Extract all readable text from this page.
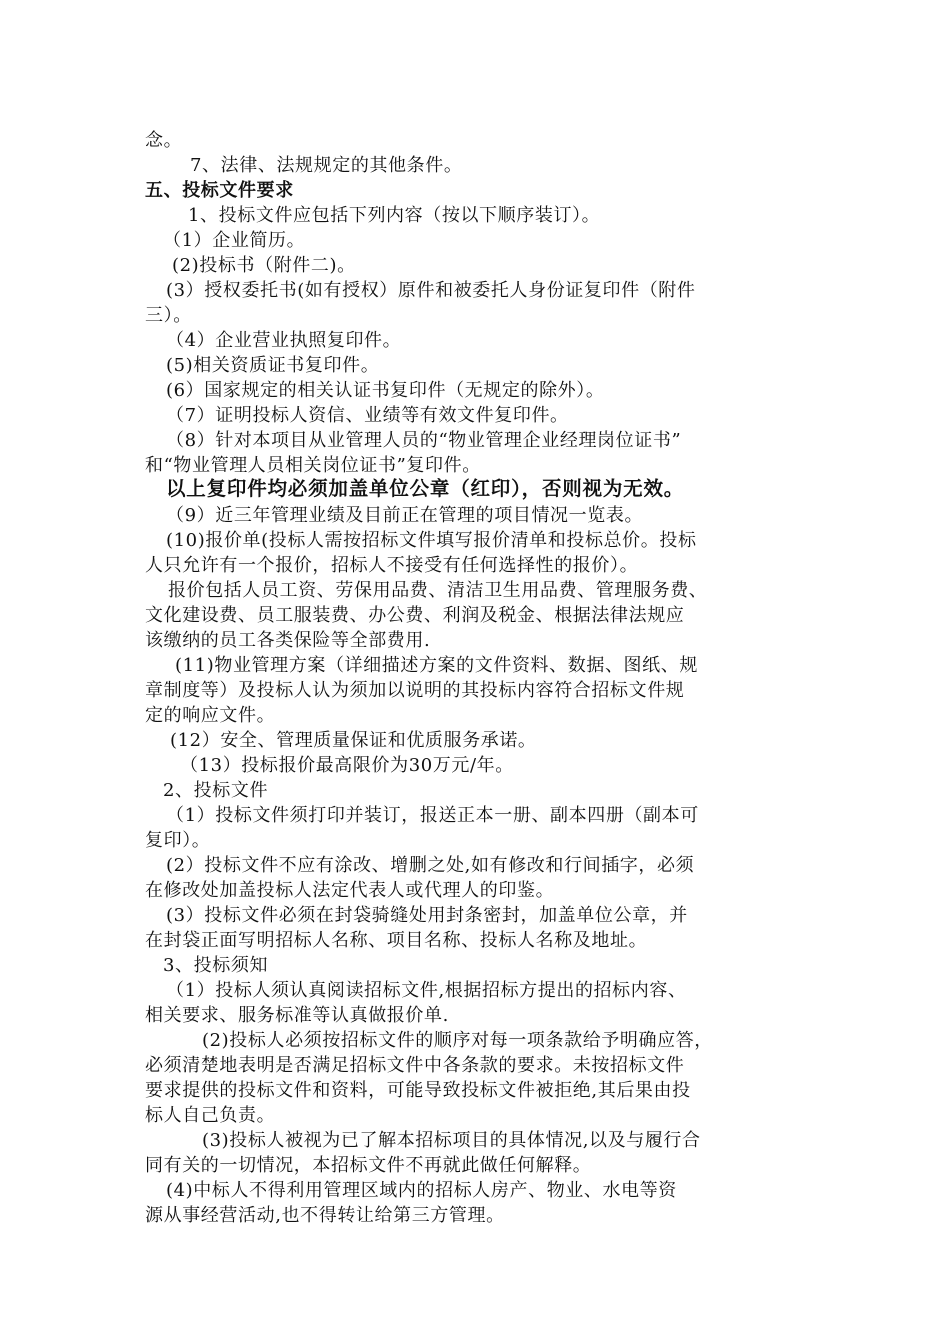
念。
7、法律、法规规定的其他条件。
五、投标文件要求
1、投标文件应包括下列内容（按以下顺序装订）。
（1）企业简历。
(2)投标书（附件二)。
(3）授权委托书(如有授权）原件和被委托人身份证复印件（附件
三）。
（4）企业营业执照复印件。
(5)相关资质证书复印件。
(6）国家规定的相关认证书复印件（无规定的除外）。
（7）证明投标人资信、业绩等有效文件复印件。
（8）针对本项目从业管理人员的“物业管理企业经理岗位证书”
和“物业管理人员相关岗位证书”复印件。
以上复印件均必须加盖单位公章（红印），否则视为无效。
（9）近三年管理业绩及目前正在管理的项目情况一览表。
(10)报价单(投标人需按招标文件填写报价清单和投标总价。投标
人只允许有一个报价，招标人不接受有任何选择性的报价）。
报价包括人员工资、劳保用品费、清洁卫生用品费、管理服务费、
文化建设费、员工服装费、办公费、利润及税金、根据法律法规应
该缴纳的员工各类保险等全部费用.
(11)物业管理方案（详细描述方案的文件资料、数据、图纸、规
章制度等）及投标人认为须加以说明的其投标内容符合招标文件规
定的响应文件。
(12）安全、管理质量保证和优质服务承诺。
（13）投标报价最高限价为30万元/年。
2、投标文件
（1）投标文件须打印并装订，报送正本一册、副本四册（副本可
复印）。
(2）投标文件不应有涂改、增删之处,如有修改和行间插字，必须
在修改处加盖投标人法定代表人或代理人的印鉴。
(3）投标文件必须在封袋骑缝处用封条密封，加盖单位公章，并
在封袋正面写明招标人名称、项目名称、投标人名称及地址。
3、投标须知
（1）投标人须认真阅读招标文件,根据招标方提出的招标内容、
相关要求、服务标准等认真做报价单.
(2)投标人必须按招标文件的顺序对每一项条款给予明确应答，
必须清楚地表明是否满足招标文件中各条款的要求。未按招标文件
要求提供的投标文件和资料，可能导致投标文件被拒绝,其后果由投
标人自己负责。
(3)投标人被视为已了解本招标项目的具体情况,以及与履行合
同有关的一切情况，本招标文件不再就此做任何解释。
(4)中标人不得利用管理区域内的招标人房产、物业、水电等资
源从事经营活动,也不得转让给第三方管理。
